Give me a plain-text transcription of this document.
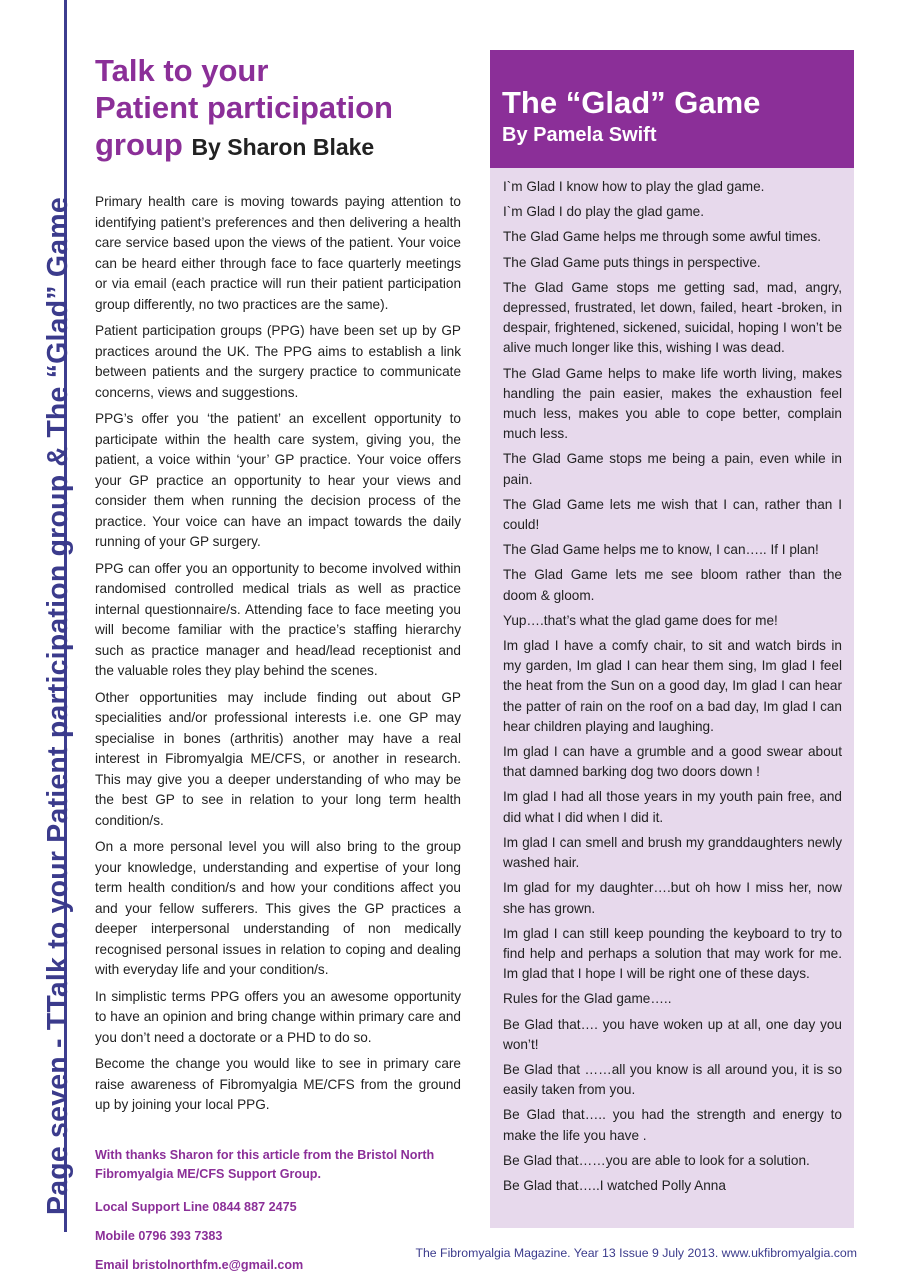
Page seven - TTalk to your Patient participation group & The “Glad” Game
Talk to your
Patient participation
group By Sharon Blake

Primary health care is moving towards paying attention to identifying patient’s preferences and then delivering a health care service based upon the views of the patient. Your voice can be heard either through face to face quarterly meetings or via email (each practice will run their patient participation group differently, no two practices are the same).

Patient participation groups (PPG) have been set up by GP practices around the UK. The PPG aims to establish a link between patients and the surgery practice to communicate concerns, views and suggestions.

PPG’s offer you ‘the patient’ an excellent opportunity to participate within the health care system, giving you, the patient, a voice within ‘your’ GP practice. Your voice offers your GP practice an opportunity to hear your views and consider them when running the decision process of the practice. Your voice can have an impact towards the daily running of your GP surgery.

PPG can offer you an opportunity to become involved within randomised controlled medical trials as well as practice internal questionnaire/s. Attending face to face meeting you will become familiar with the practice’s staffing hierarchy such as practice manager and head/lead receptionist and the valuable roles they play behind the scenes.

Other opportunities may include finding out about GP specialities and/or professional interests i.e. one GP may specialise in bones (arthritis) another may have a real interest in Fibromyalgia ME/CFS, or another in research. This may give you a deeper understanding of who may be the best GP to see in relation to your long term health condition/s.

On a more personal level you will also bring to the group your knowledge, understanding and expertise of your long term health condition/s and how your conditions affect you and your fellow sufferers. This gives the GP practices a deeper interpersonal understanding of non medically recognised personal issues in relation to coping and dealing with everyday life and your condition/s.

In simplistic terms PPG offers you an awesome opportunity to have an opinion and bring change within primary care and you don’t need a doctorate or a PHD to do so.

Become the change you would like to see in primary care raise awareness of Fibromyalgia ME/CFS from the ground up by joining your local PPG.

With thanks Sharon for this article from the Bristol North Fibromyalgia ME/CFS Support Group.

Local Support Line 0844 887 2475

Mobile 0796 393 7383

Email bristolnorthfm.e@gmail.com

The “Glad” Game
By Pamela Swift

I`m Glad I know how to play the glad game.

I`m Glad I do play the glad game.

The Glad Game helps me through some awful times.

The Glad Game puts things in perspective.

The Glad Game stops me getting sad, mad, angry, depressed, frustrated, let down, failed, heart -broken, in despair, frightened, sickened, suicidal, hoping I won’t be alive much longer like this, wishing I was dead.

The Glad Game helps to make life worth living, makes handling the pain easier, makes the exhaustion feel much less, makes you able to cope better, complain much less.

The Glad Game stops me being a pain, even while in pain.

The Glad Game lets me wish that I can, rather than I could!

The Glad Game helps me to know, I can….. If I plan!

The Glad Game lets me see bloom rather than the doom & gloom.

Yup….that’s what the glad game does for me!

Im glad I have a comfy chair, to sit and watch birds in my garden, Im glad I can hear them sing, Im glad I feel the heat from the Sun on a good day, Im glad I can hear the patter of rain on the roof on a bad day, Im glad I can hear children playing and laughing.

Im glad I can have a grumble and a good swear about that damned barking dog two doors down !

Im glad I had all those years in my youth pain free, and did what I did when I did it.

Im glad I can smell and brush my granddaughters newly washed hair.

Im glad for my daughter….but oh how I miss her, now she has grown.

Im glad I can still keep pounding the keyboard to try to find help and perhaps a solution that may work for me. Im glad that I hope I will be right one of these days.

Rules for the Glad game…..

Be Glad that…. you have woken up at all, one day you won’t!

Be Glad that ……all you know is all around you, it is so easily taken from you.

Be Glad that….. you had the strength and energy to make the life you have .

Be Glad that……you are able to look for a solution.

Be Glad that…..I watched Polly Anna

The Fibromyalgia Magazine. Year 13 Issue 9 July 2013. www.ukfibromyalgia.com
